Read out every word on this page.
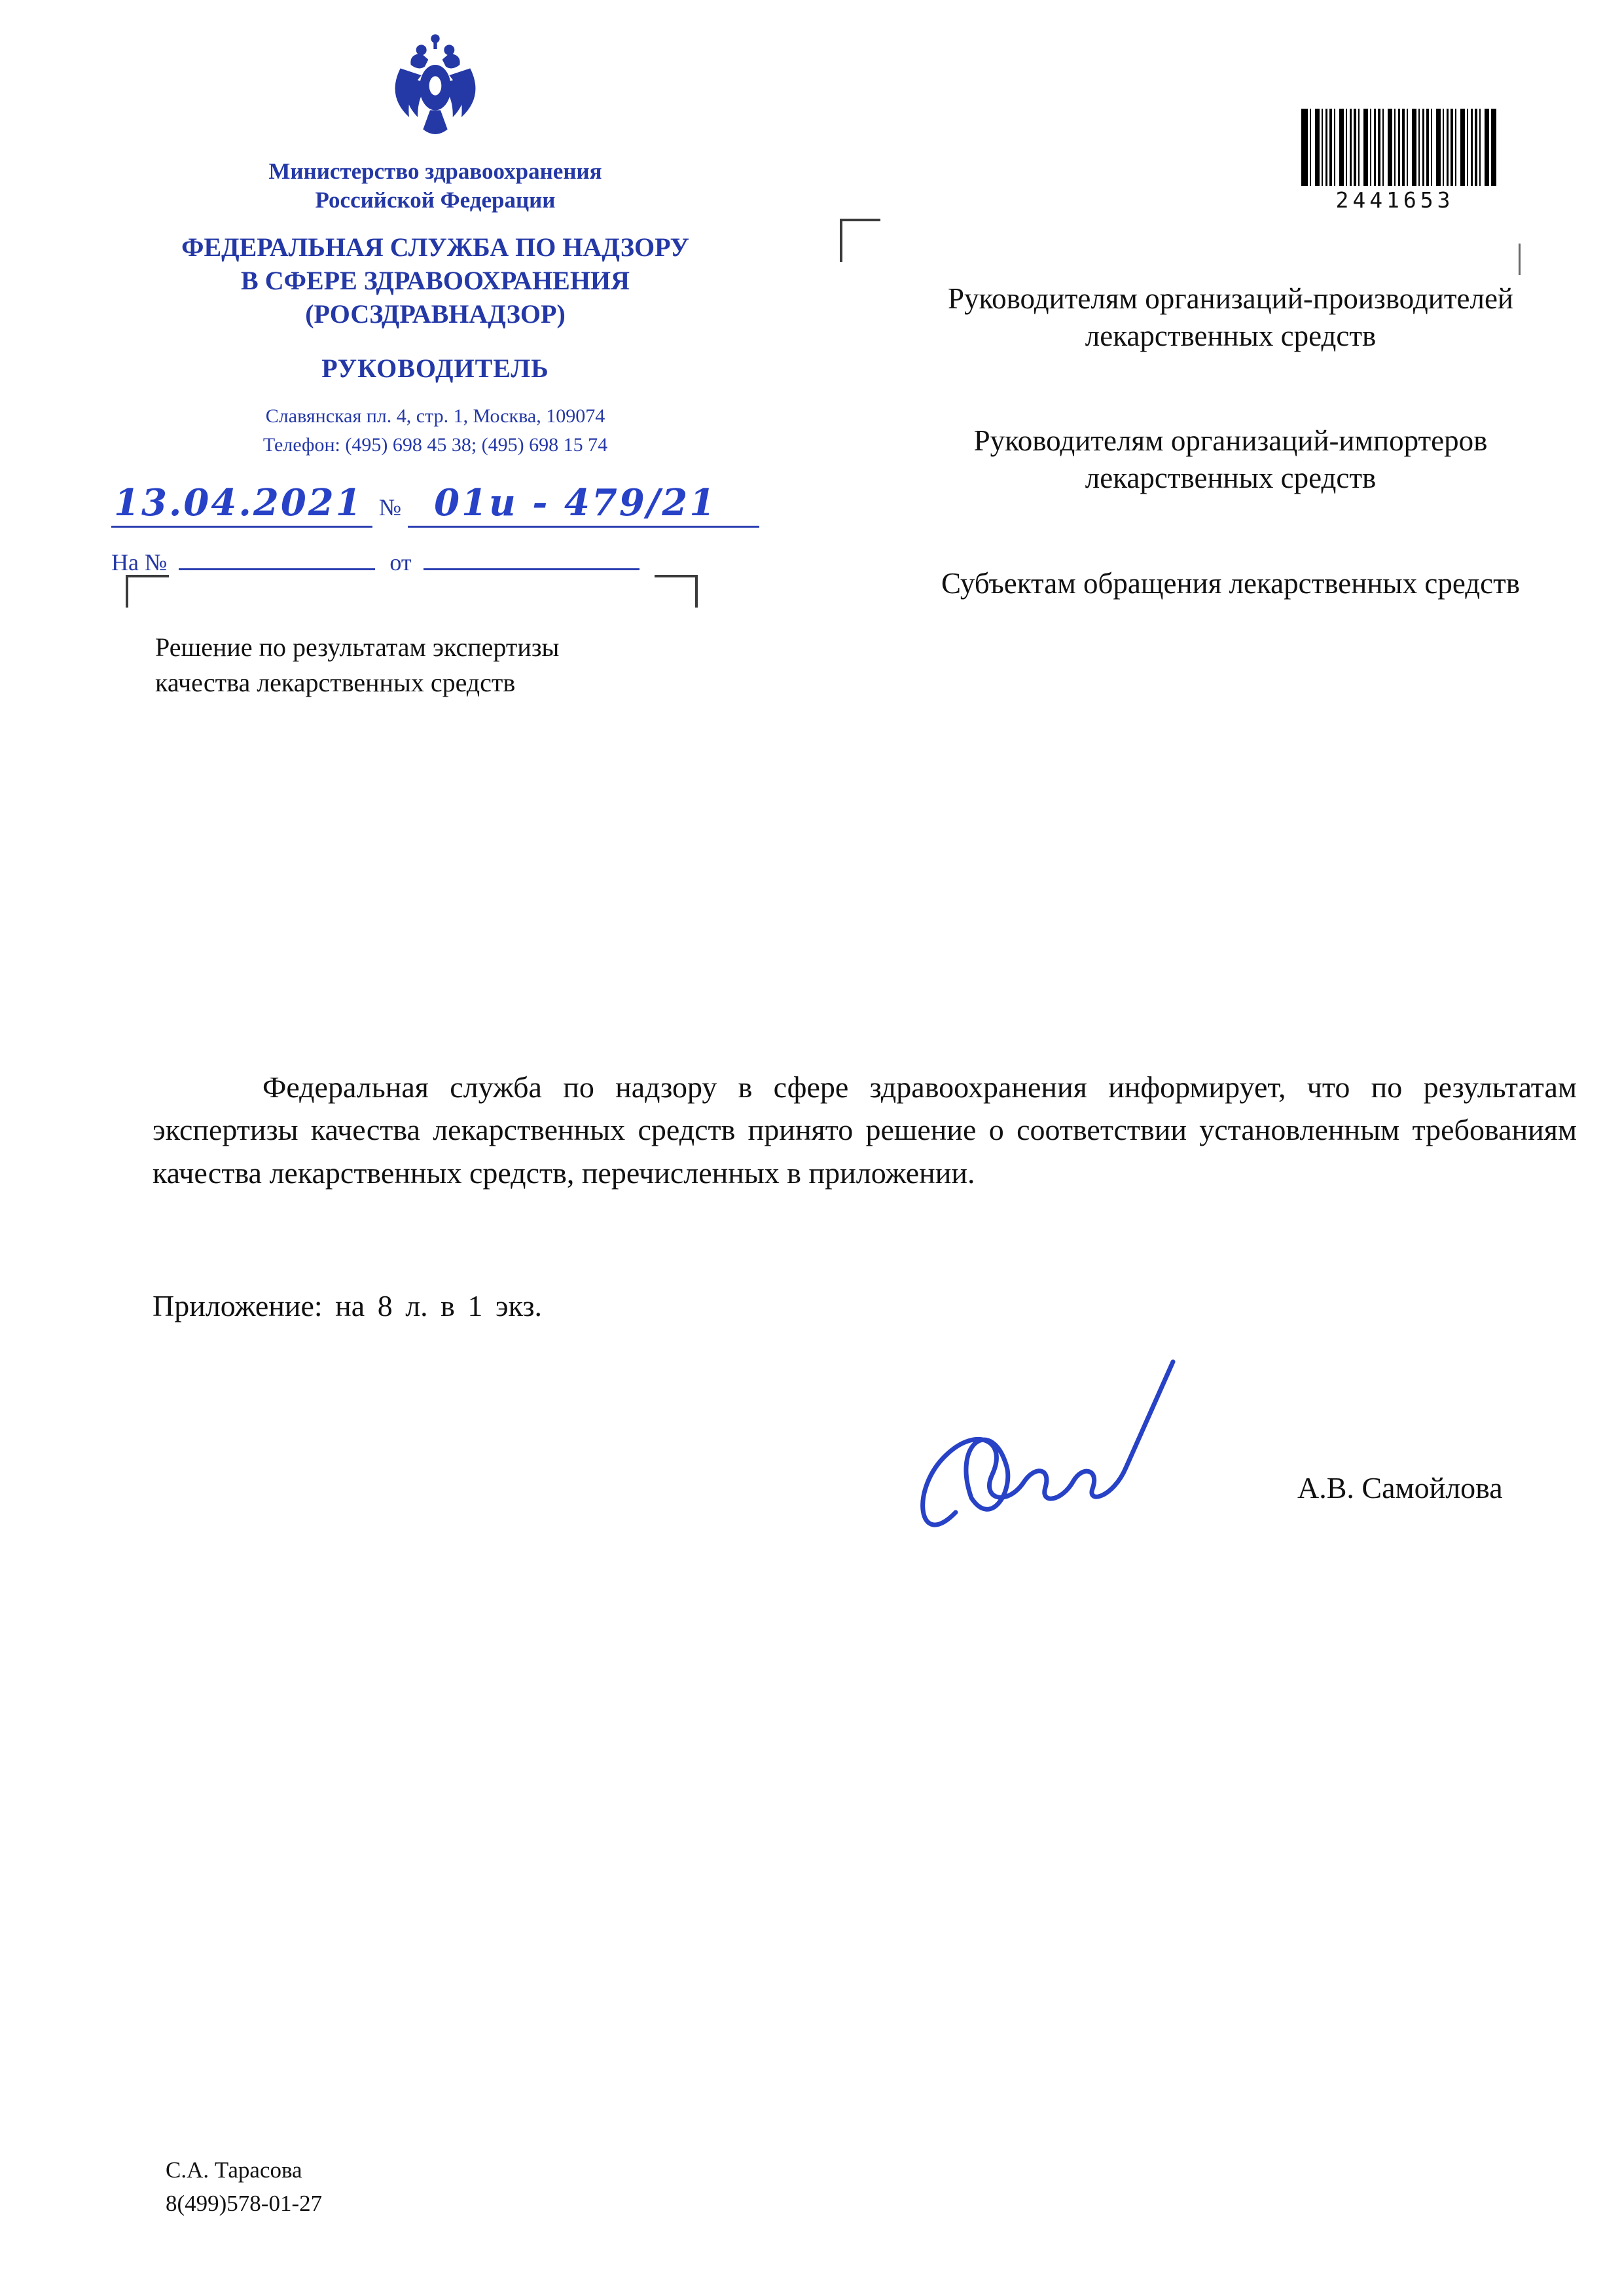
Министерство здравоохранения
Российской Федерации
ФЕДЕРАЛЬНАЯ СЛУЖБА ПО НАДЗОРУ
В СФЕРЕ ЗДРАВООХРАНЕНИЯ
(РОСЗДРАВНАДЗОР)
РУКОВОДИТЕЛЬ
Славянская пл. 4, стр. 1, Москва, 109074
Телефон: (495) 698 45 38; (495) 698 15 74
13.04.2021 № 01и - 479/21
На №	от
Решение по результатам экспертизы
качества лекарственных средств
2441653

Руководителям организаций-производителей лекарственных средств

Руководителям организаций-импортеров лекарственных средств

Субъектам обращения лекарственных средств

Федеральная служба по надзору в сфере здравоохранения информирует, что по результатам экспертизы качества лекарственных средств принято решение о соответствии установленным требованиям качества лекарственных средств, перечисленных в приложении.

Приложение: на 8 л. в 1 экз.
А.В. Самойлова
С.А. Тарасова
8(499)578-01-27
